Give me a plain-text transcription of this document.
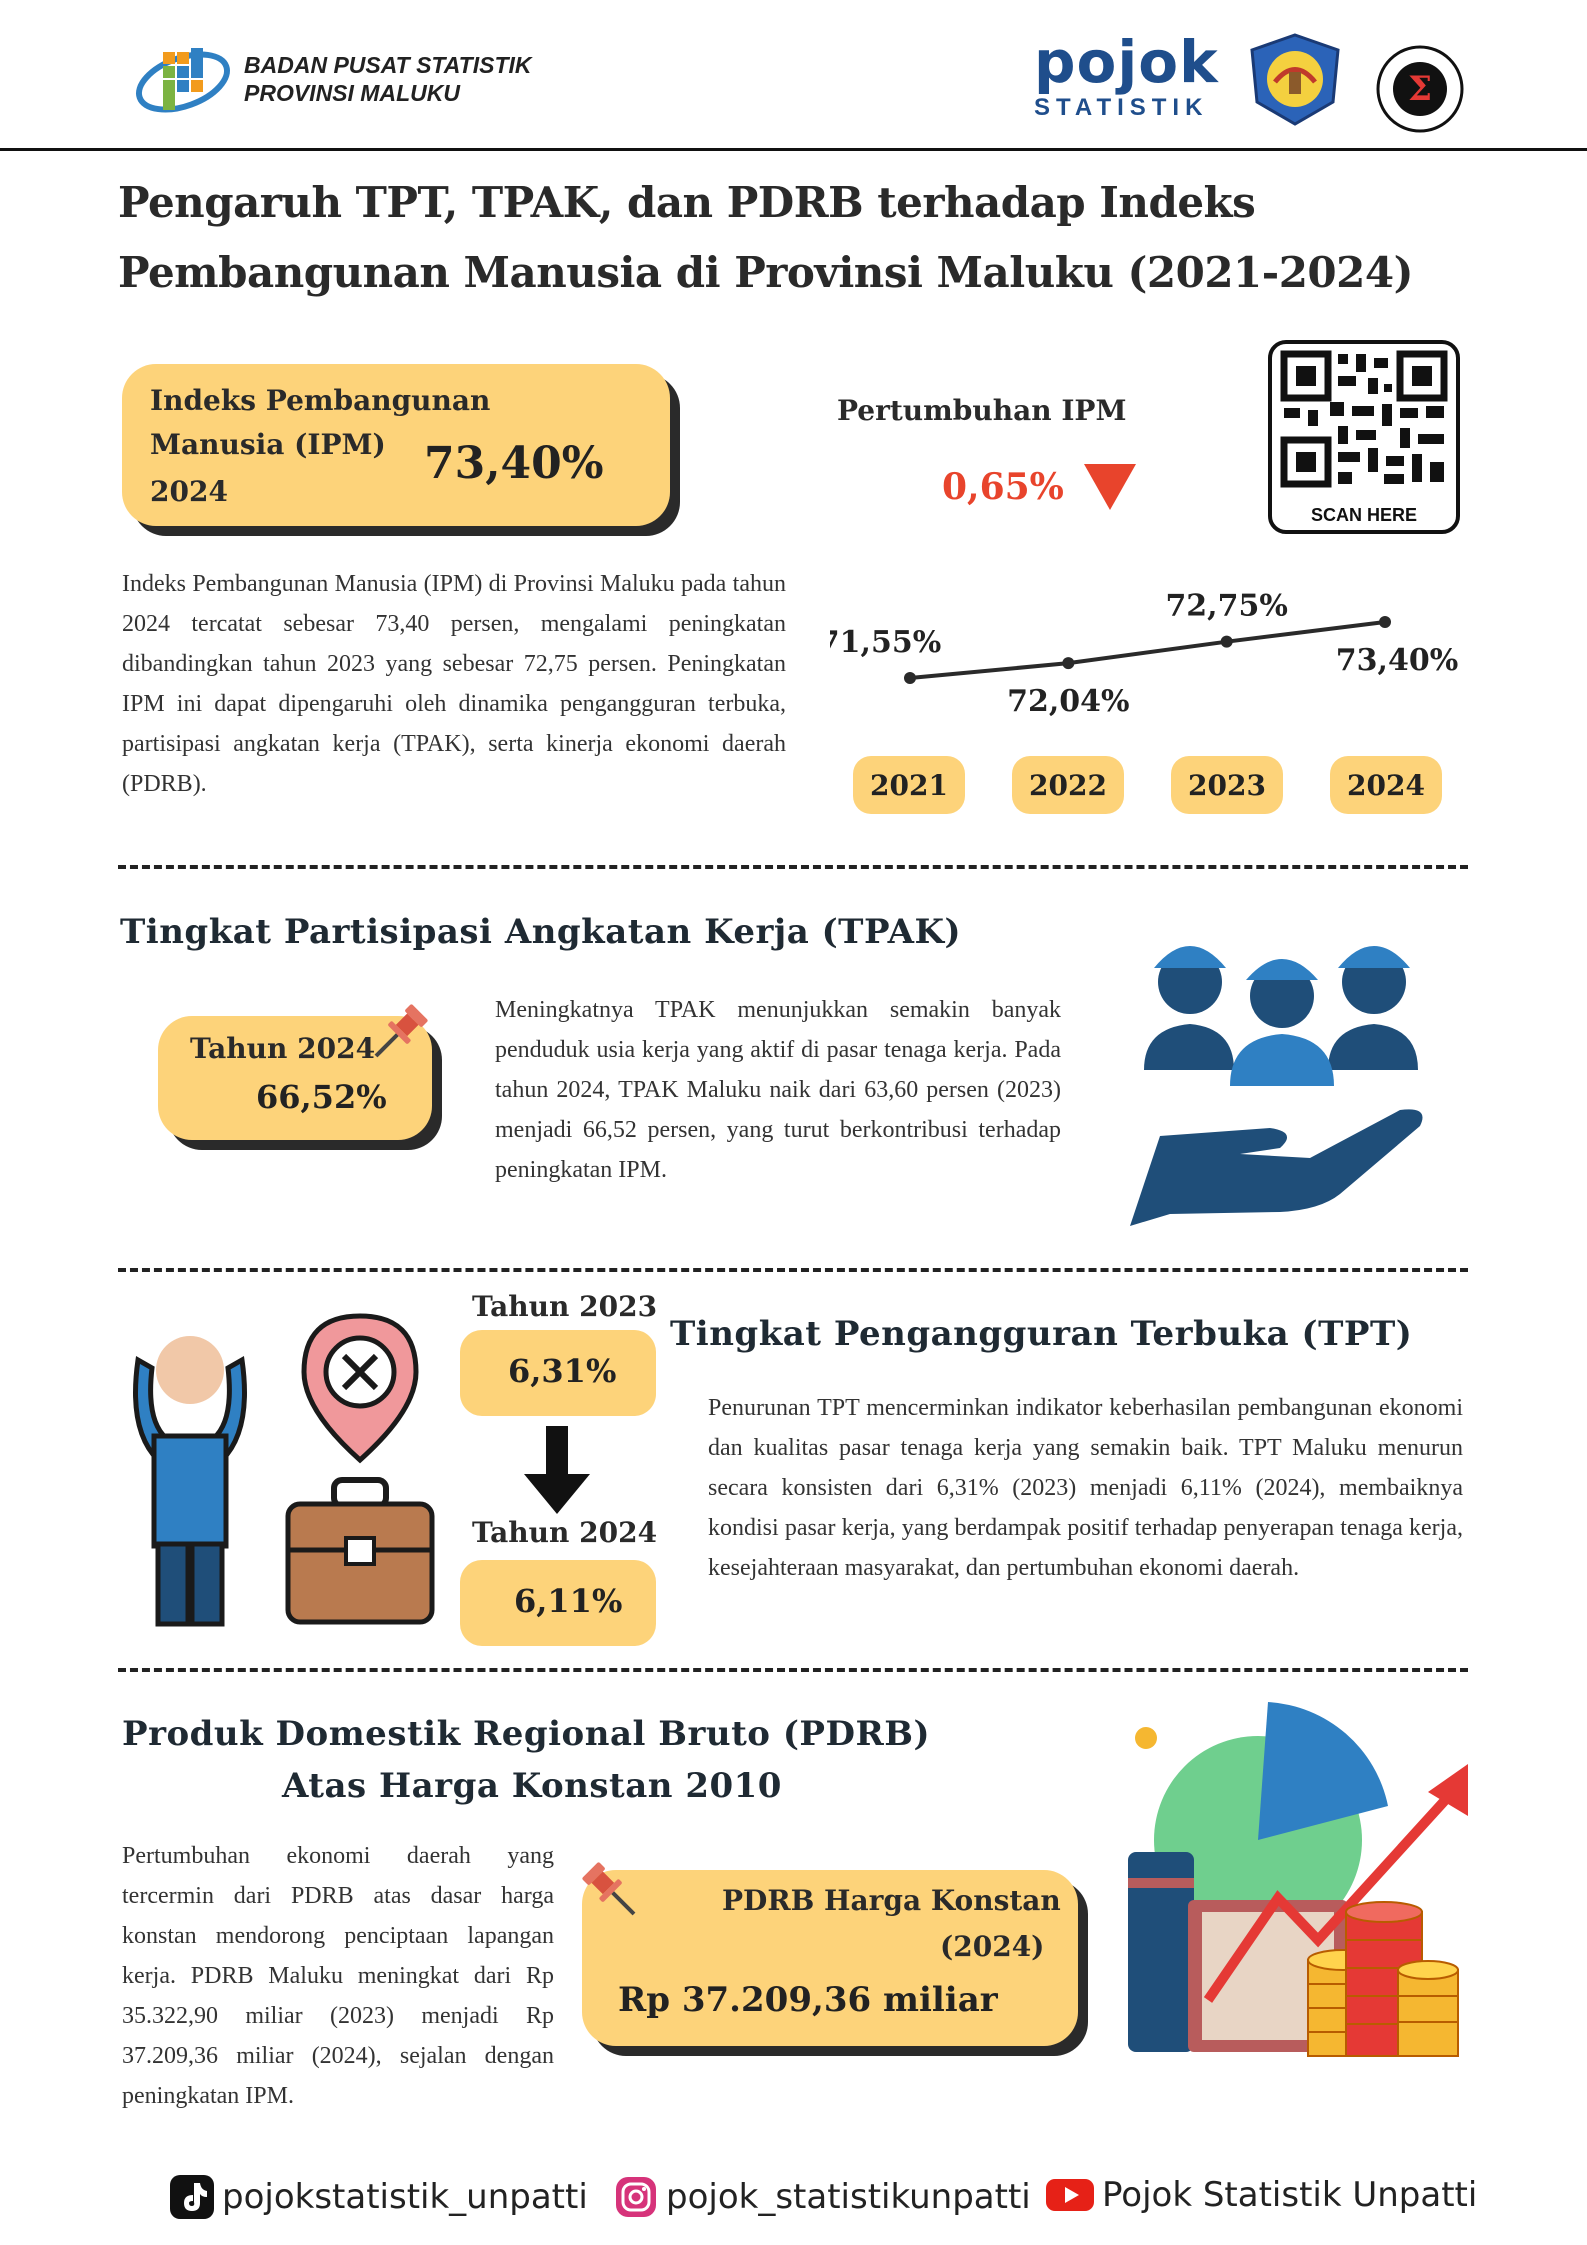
BADAN PUSAT STATISTIK
PROVINSI MALUKU	pojok
STATISTIK	Σ
Pengaruh TPT, TPAK, dan PDRB terhadap Indeks
Pembangunan Manusia di Provinsi Maluku (2021-2024)
Indeks Pembangunan
Manusia (IPM)
2024
73,40%
Pertumbuhan IPM
0,65%
SCAN HERE
Indeks Pembangunan Manusia (IPM) di Provinsi Maluku pada tahun 2024 tercatat sebesar 73,40 persen, mengalami peningkatan dibandingkan tahun 2023 yang sebesar 72,75 persen. Peningkatan IPM ini dapat dipengaruhi oleh dinamika pengangguran terbuka, partisipasi angkatan kerja (TPAK), serta kinerja ekonomi daerah (PDRB).
71,55%
72,04%
72,75%
73,40%
Tingkat Partisipasi Angkatan Kerja (TPAK)
Tahun 2024
66,52%
Meningkatnya TPAK menunjukkan semakin banyak penduduk usia kerja yang aktif di pasar tenaga kerja. Pada tahun 2024, TPAK Maluku naik dari 63,60 persen (2023) menjadi 66,52 persen, yang turut berkontribusi terhadap peningkatan IPM.
Tahun 2023
6,31%
Tahun 2024
6,11%
Tingkat Pengangguran Terbuka (TPT)
Penurunan TPT mencerminkan indikator keberhasilan pembangunan ekonomi dan kualitas pasar tenaga kerja yang semakin baik. TPT Maluku menurun secara konsisten dari 6,31% (2023) menjadi 6,11% (2024), membaiknya kondisi pasar kerja, yang berdampak positif terhadap penyerapan tenaga kerja, kesejahteraan masyarakat, dan pertumbuhan ekonomi daerah.
Produk Domestik Regional Bruto (PDRB)
Atas Harga Konstan 2010
Pertumbuhan ekonomi daerah yang tercermin dari PDRB atas dasar harga konstan mendorong penciptaan lapangan kerja. PDRB Maluku meningkat dari Rp 35.322,90 miliar (2023) menjadi Rp 37.209,36 miliar (2024), sejalan dengan peningkatan IPM.
PDRB Harga Konstan
(2024)
Rp 37.209,36 miliar
pojokstatistik_unpatti pojok_statistikunpatti Pojok Statistik Unpatti
2021	2022	2023	2024
